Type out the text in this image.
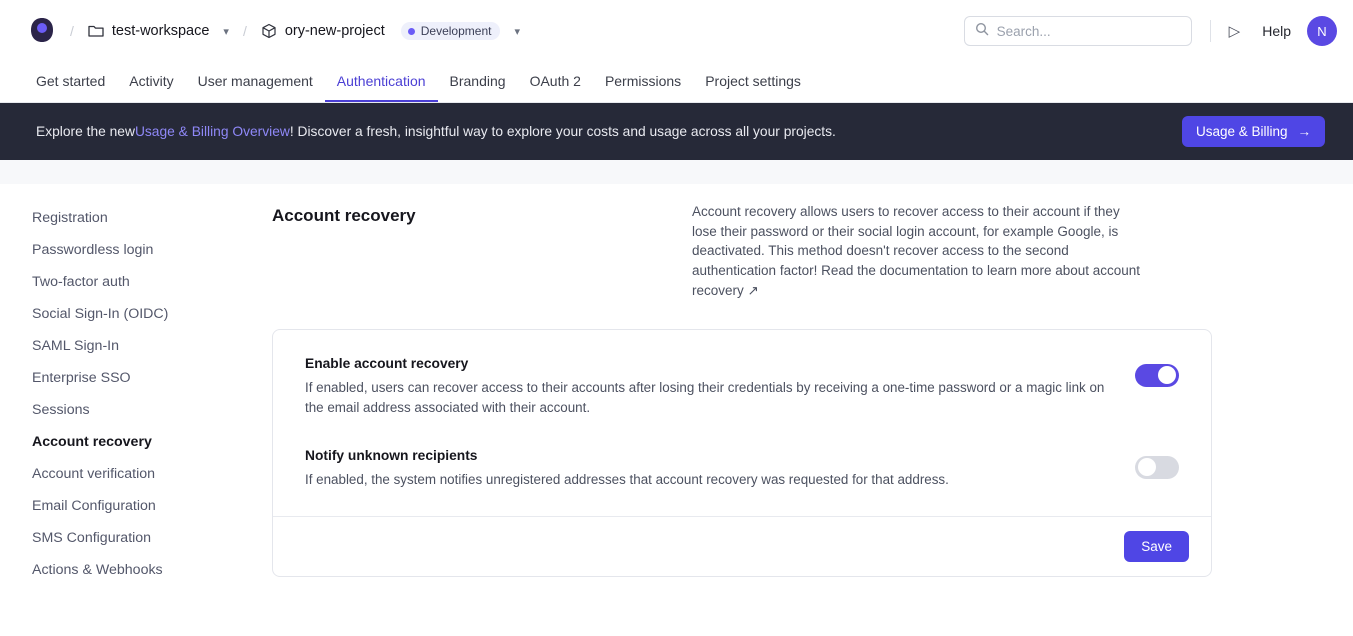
/	test-workspace ▾ /	ory-new-project	Development ▾
Search...	▷ Help	N
Get started	Activity	User management	Authentication	Branding	OAuth 2	Permissions	Project settings
Explore the new Usage & Billing Overview ! Discover a fresh, insightful way to explore your costs and usage across all your projects.	Usage & Billing →
Registration
Passwordless login
Two-factor auth
Social Sign-In (OIDC)
SAML Sign-In
Enterprise SSO
Sessions
Account recovery
Account verification
Email Configuration
SMS Configuration
Actions & Webhooks
Account recovery	Account recovery allows users to recover access to their account if they lose their password or their social login account, for example Google, is deactivated. This method doesn't recover access to the second authentication factor! Read the documentation to learn more about account recovery ↗
Enable account recovery
If enabled, users can recover access to their accounts after losing their credentials by receiving a one-time password or a magic link on the email address associated with their account.
Notify unknown recipients
If enabled, the system notifies unregistered addresses that account recovery was requested for that address.
Save
